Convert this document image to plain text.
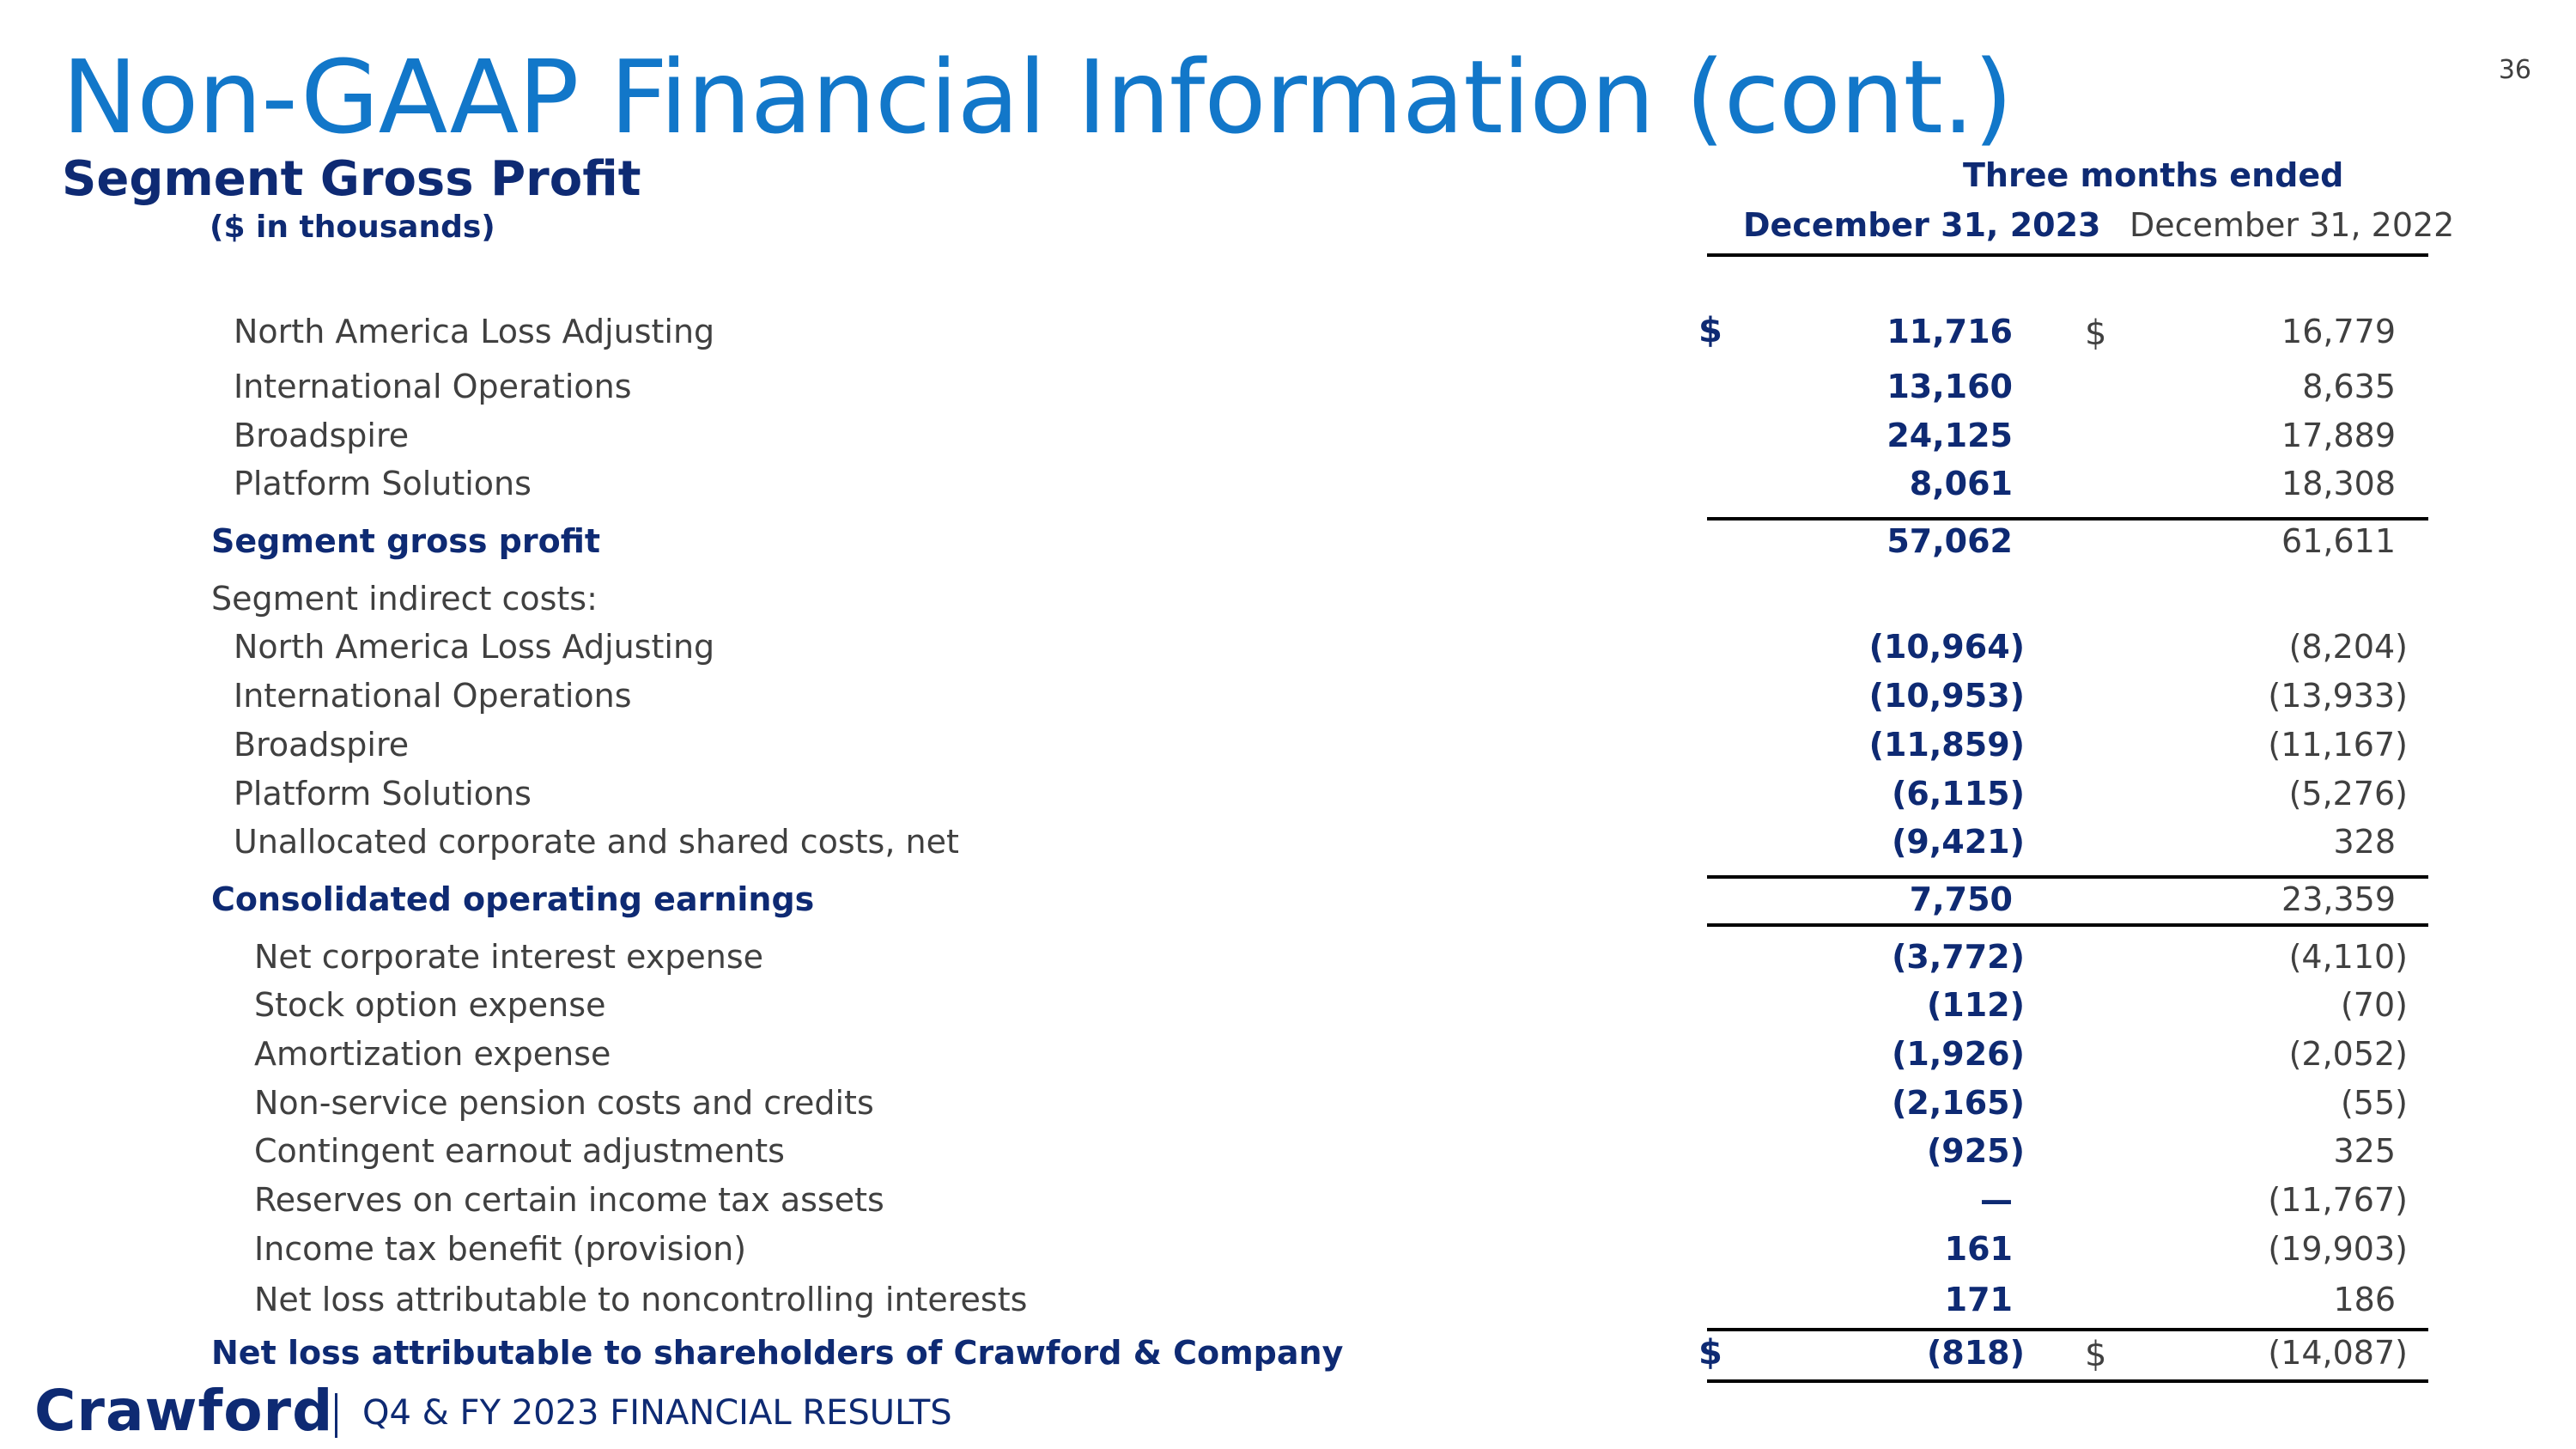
36
Non-GAAP Financial Information (cont.)
Segment Gross Profit
($ in thousands)
Three months ended
December 31, 2023 December 31, 2022
North America Loss Adjusting
International Operations
Broadspire
Platform Solutions
Segment gross profit
Segment indirect costs:
North America Loss Adjusting
International Operations
Broadspire
Platform Solutions
Unallocated corporate and shared costs, net
Consolidated operating earnings
Net corporate interest expense
Stock option expense
Amortization expense
Non-service pension costs and credits
Contingent earnout adjustments
Reserves on certain income tax assets
Income tax benefit (provision)
Net loss attributable to noncontrolling interests
Net loss attributable to shareholders of Crawford & Company
$	$
$	$
11,716
13,160
24,125
8,061
57,062
(10,964)
(10,953)
(11,859)
(6,115)
(9,421)
7,750
(3,772)
(112)
(1,926)
(2,165)
(925)
—
161
171
(818)
16,779
8,635
17,889
18,308
61,611
(8,204)
(13,933)
(11,167)
(5,276)
328
23,359
(4,110)
(70)
(2,052)
(55)
325
(11,767)
(19,903)
186
(14,087)
Crawford Q4 & FY 2023 FINANCIAL RESULTS
